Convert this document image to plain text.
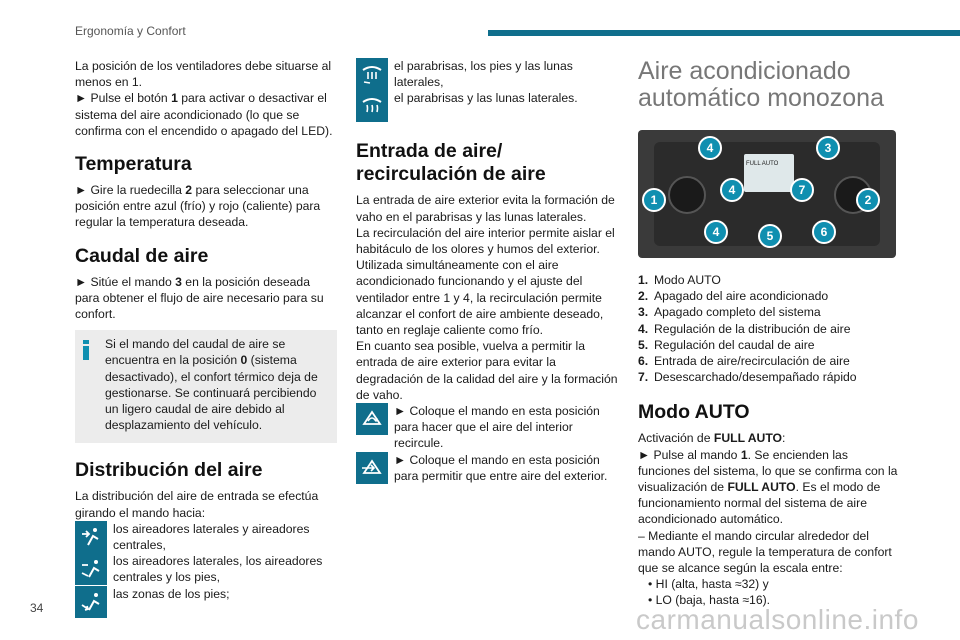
Ergonomía y Confort

La posición de los ventiladores debe situarse al menos en 1.

► Pulse el botón 1 para activar o desactivar el sistema del aire acondicionado (lo que se confirma con el encendido o apagado del LED).

Temperatura

► Gire la ruedecilla 2 para seleccionar una posición entre azul (frío) y rojo (caliente) para regular la temperatura deseada.

Caudal de aire

► Sitúe el mando 3 en la posición deseada para obtener el flujo de aire necesario para su confort.

Si el mando del caudal de aire se encuentra en la posición 0 (sistema desactivado), el confort térmico deja de gestionarse. Se continuará percibiendo un ligero caudal de aire debido al desplazamiento del vehículo.

Distribución del aire

La distribución del aire de entrada se efectúa girando el mando hacia:

los aireadores laterales y aireadores centrales,
los aireadores laterales, los aireadores centrales y los pies,
las zonas de los pies;
el parabrisas, los pies y las lunas laterales,
el parabrisas y las lunas laterales.
Entrada de aire/ recirculación de aire

La entrada de aire exterior evita la formación de vaho en el parabrisas y las lunas laterales.
La recirculación del aire interior permite aislar el habitáculo de los olores y humos del exterior.
Utilizada simultáneamente con el aire acondicionado funcionando y el ajuste del ventilador entre 1 y 4, la recirculación permite alcanzar el confort de aire ambiente deseado, tanto en reglaje caliente como frío.
En cuanto sea posible, vuelva a permitir la entrada de aire exterior para evitar la degradación de la calidad del aire y la formación de vaho.

► Coloque el mando en esta posición para hacer que el aire del interior recircule.
► Coloque el mando en esta posición para permitir que entre aire del exterior.
Aire acondicionado
automático monozona
FULL AUTO
1	2
3
4
4
4	5	6
7
1. Modo AUTO
2. Apagado del aire acondicionado
3. Apagado completo del sistema
4. Regulación de la distribución de aire
5. Regulación del caudal de aire
6. Entrada de aire/recirculación de aire
7. Desescarchado/desempañado rápido
Modo AUTO

Activación de FULL AUTO:

► Pulse al mando 1. Se encienden las funciones del sistema, lo que se confirma con la visualización de FULL AUTO. Es el modo de funcionamiento normal del sistema de aire acondicionado automático.

– Mediante el mando circular alrededor del mando AUTO, regule la temperatura de confort que se alcance según la escala entre:

• HI (alta, hasta ≈32) y
• LO (baja, hasta ≈16).
34	carmanualsonline.info
